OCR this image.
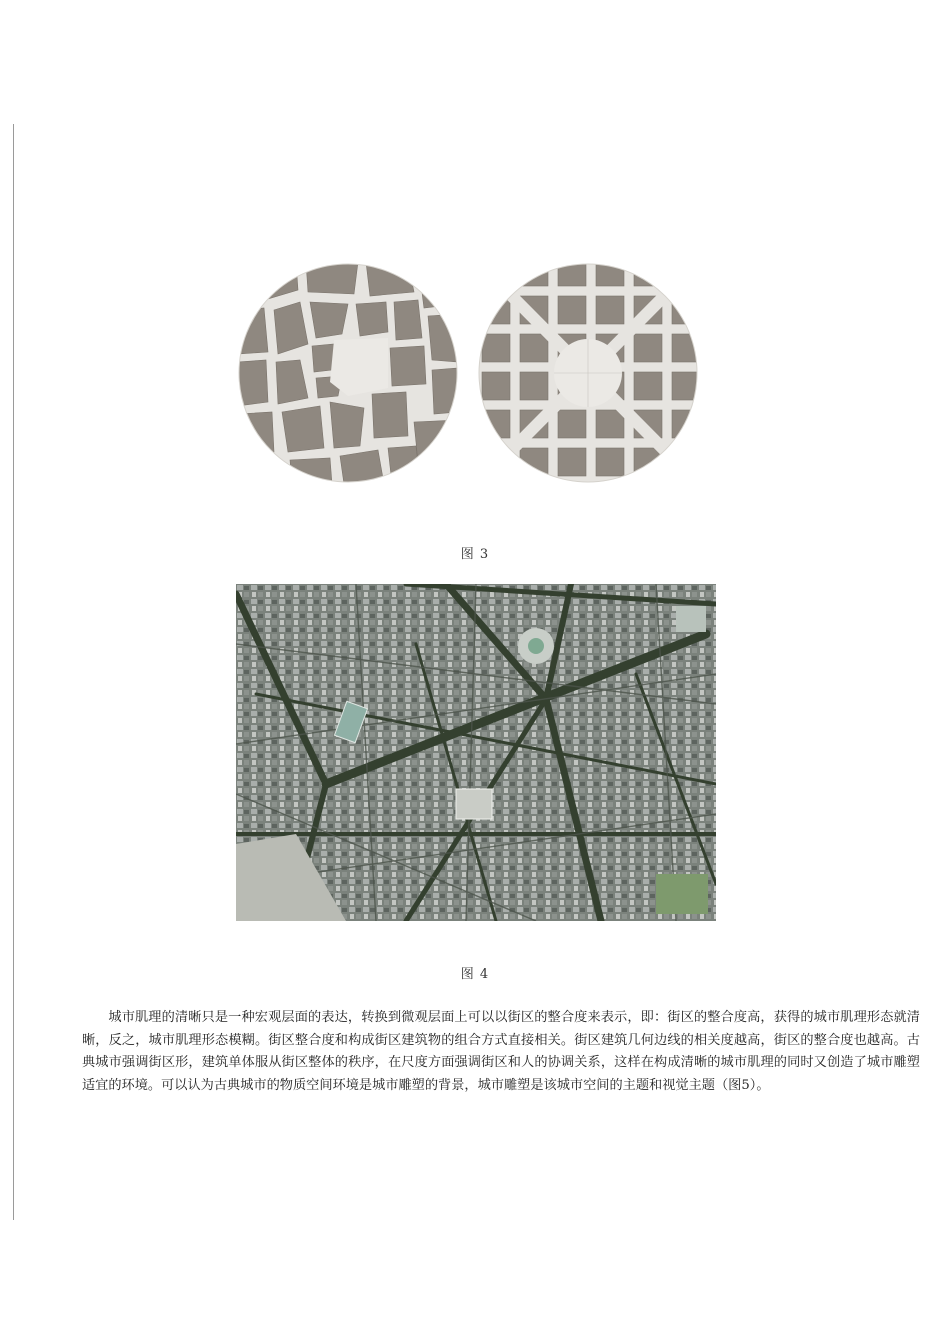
图 3
图 4

城市肌理的清晰只是一种宏观层面的表达，转换到微观层面上可以以街区的整合度来表示，即：街区的整合度高，获得的城市肌理形态就清晰，反之，城市肌理形态模糊。街区整合度和构成街区建筑物的组合方式直接相关。街区建筑几何边线的相关度越高，街区的整合度也越高。古典城市强调街区形，建筑单体服从街区整体的秩序，在尺度方面强调街区和人的协调关系，这样在构成清晰的城市肌理的同时又创造了城市雕塑适宜的环境。可以认为古典城市的物质空间环境是城市雕塑的背景，城市雕塑是该城市空间的主题和视觉主题（图5）。
